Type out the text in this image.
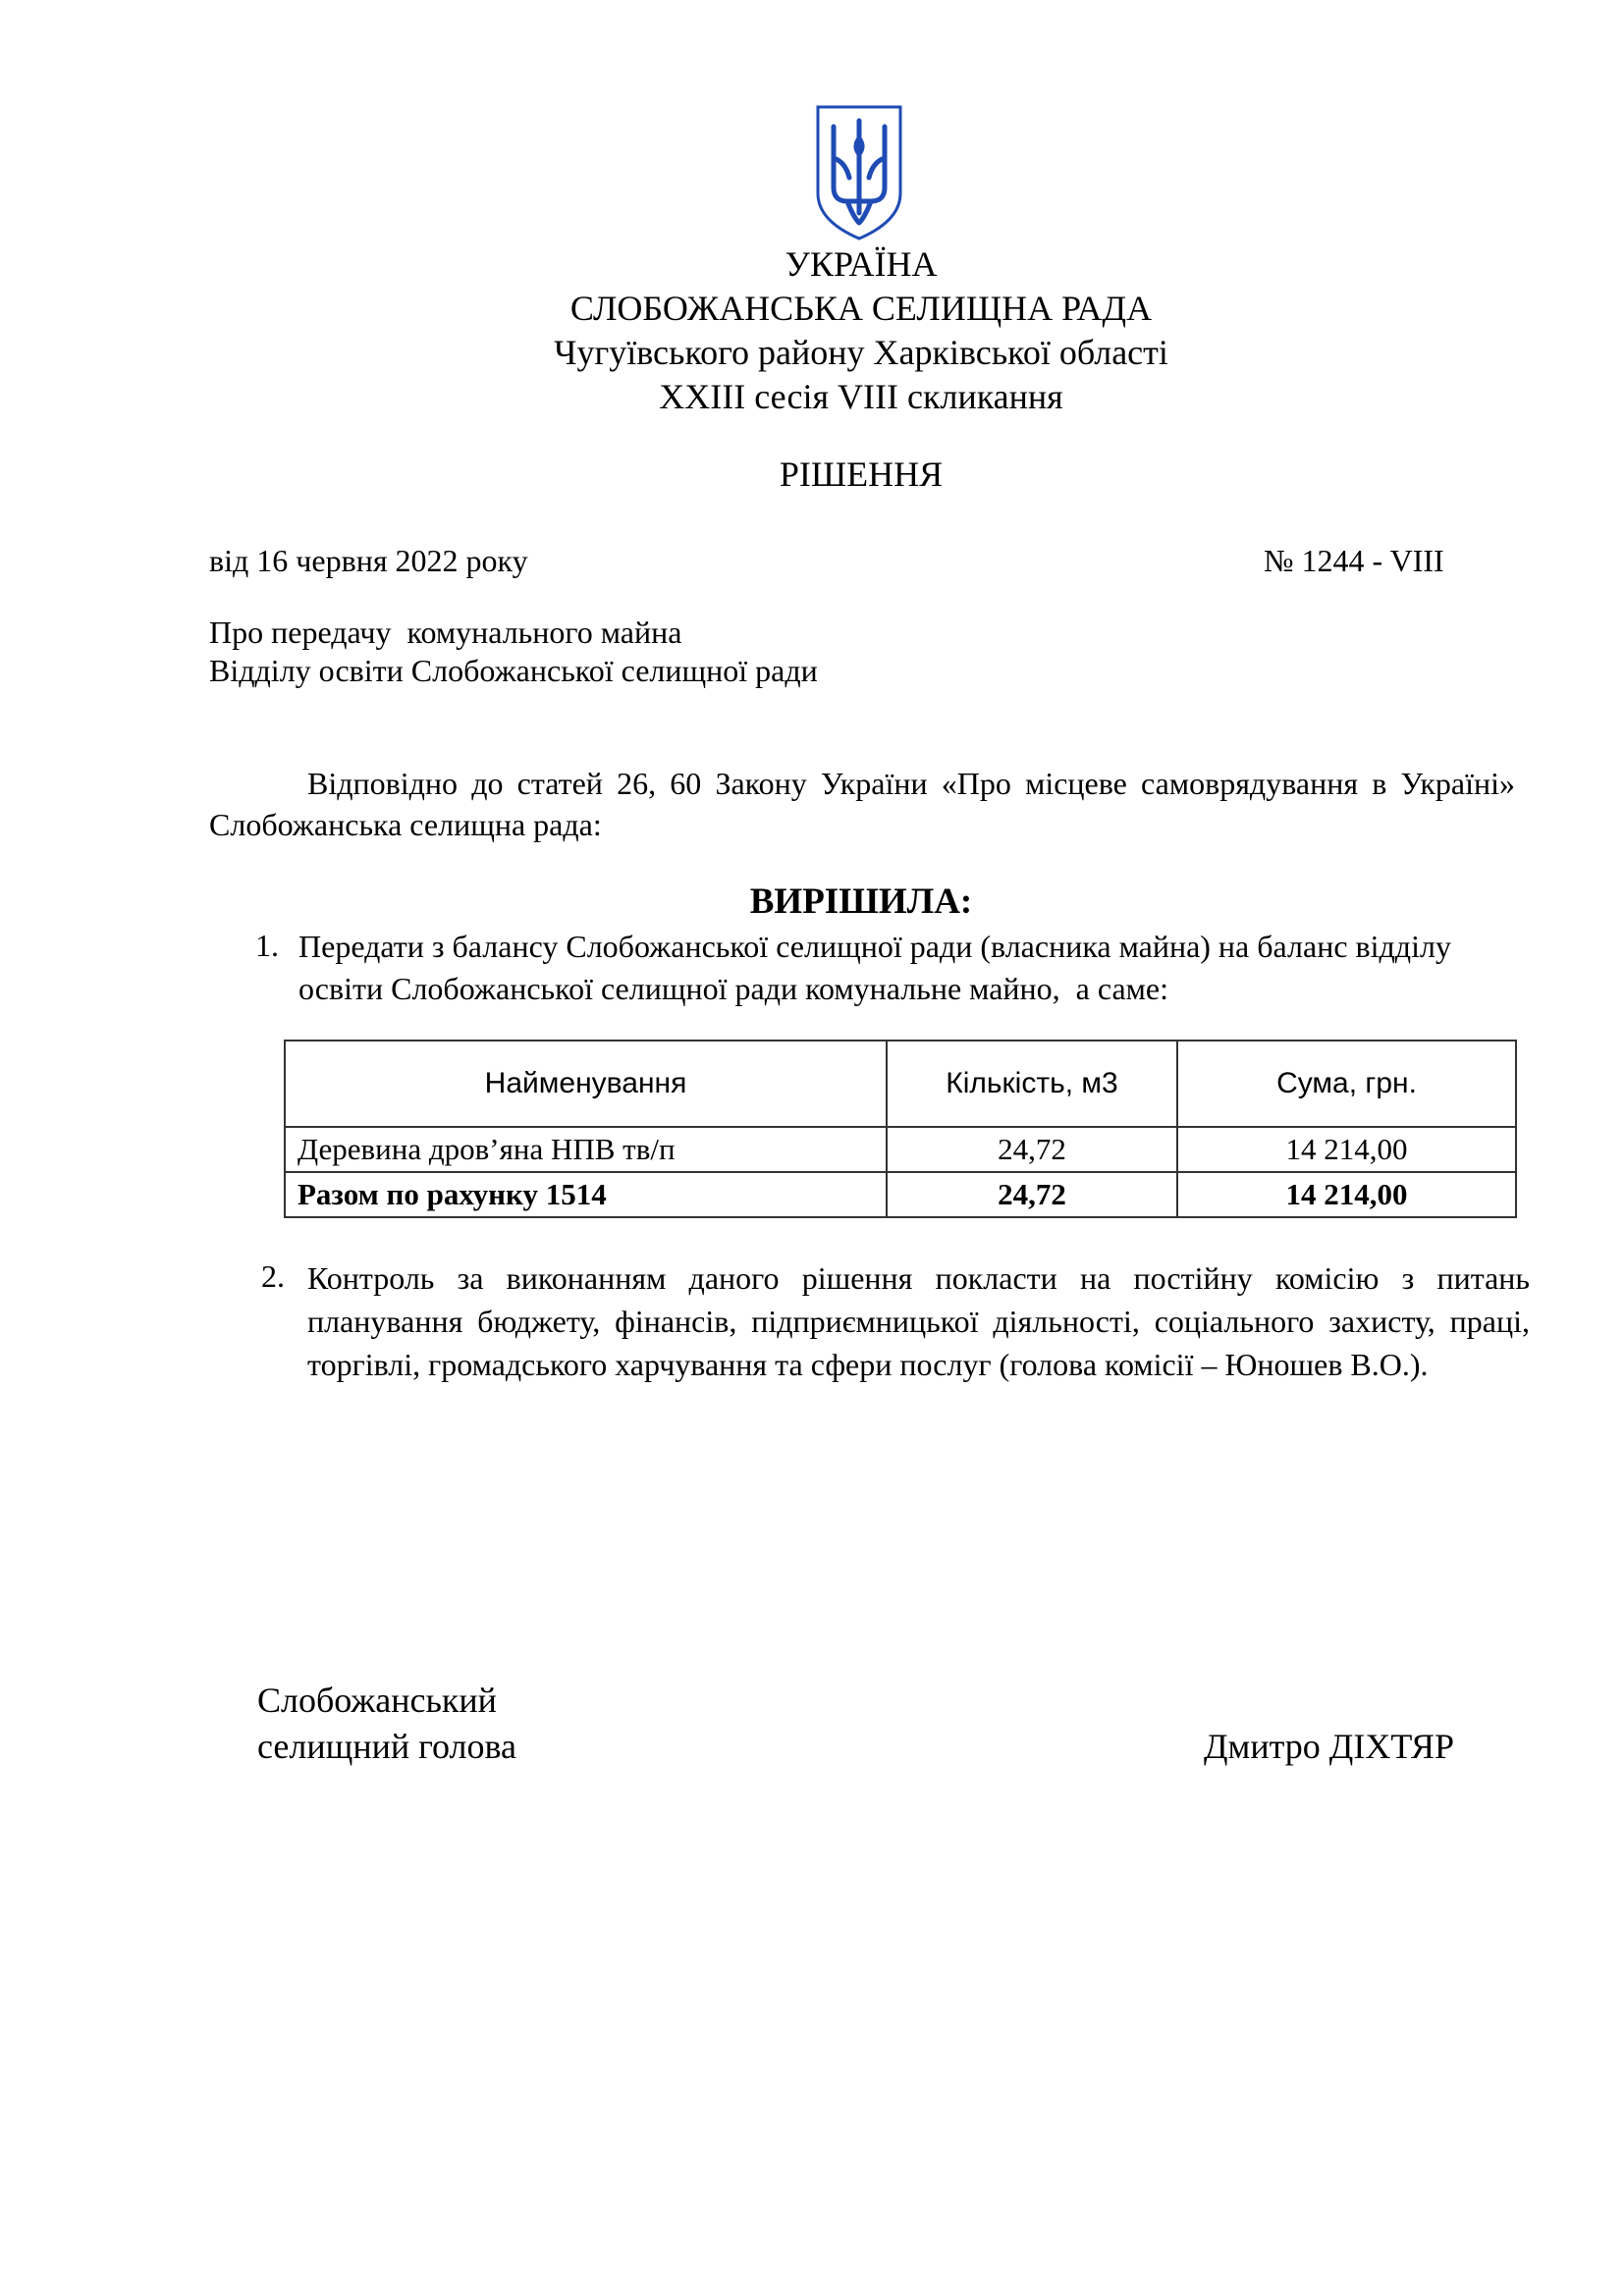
УКРАЇНА
СЛОБОЖАНСЬКА СЕЛИЩНА РАДА
Чугуївського району Харківської області
XXIII сесія VIII скликання
РІШЕННЯ
від 16 червня 2022 року	№ 1244 - VIII
Про передачу  комунального майна
Відділу освіти Слобожанської селищної ради
Відповідно до статей 26, 60 Закону України «Про місцеве самоврядування в Україні» Слобожанська селищна рада:
ВИРІШИЛА:
1. Передати з балансу Слобожанської селищної ради (власника майна) на баланс відділу освіти Слобожанської селищної ради комунальне майно,  а саме:
Найменування	Кількість, м3	Сума, грн.
Деревина дров’яна НПВ тв/п	24,72	14 214,00
Разом по рахунку 1514	24,72	14 214,00
2. Контроль за виконанням даного рішення покласти на постійну комісію з питань планування бюджету, фінансів, підприємницької діяльності, соціального захисту, праці, торгівлі, громадського харчування та сфери послуг (голова комісії – Юношев В.О.).
Слобожанський
селищний голова	Дмитро ДІХТЯР
